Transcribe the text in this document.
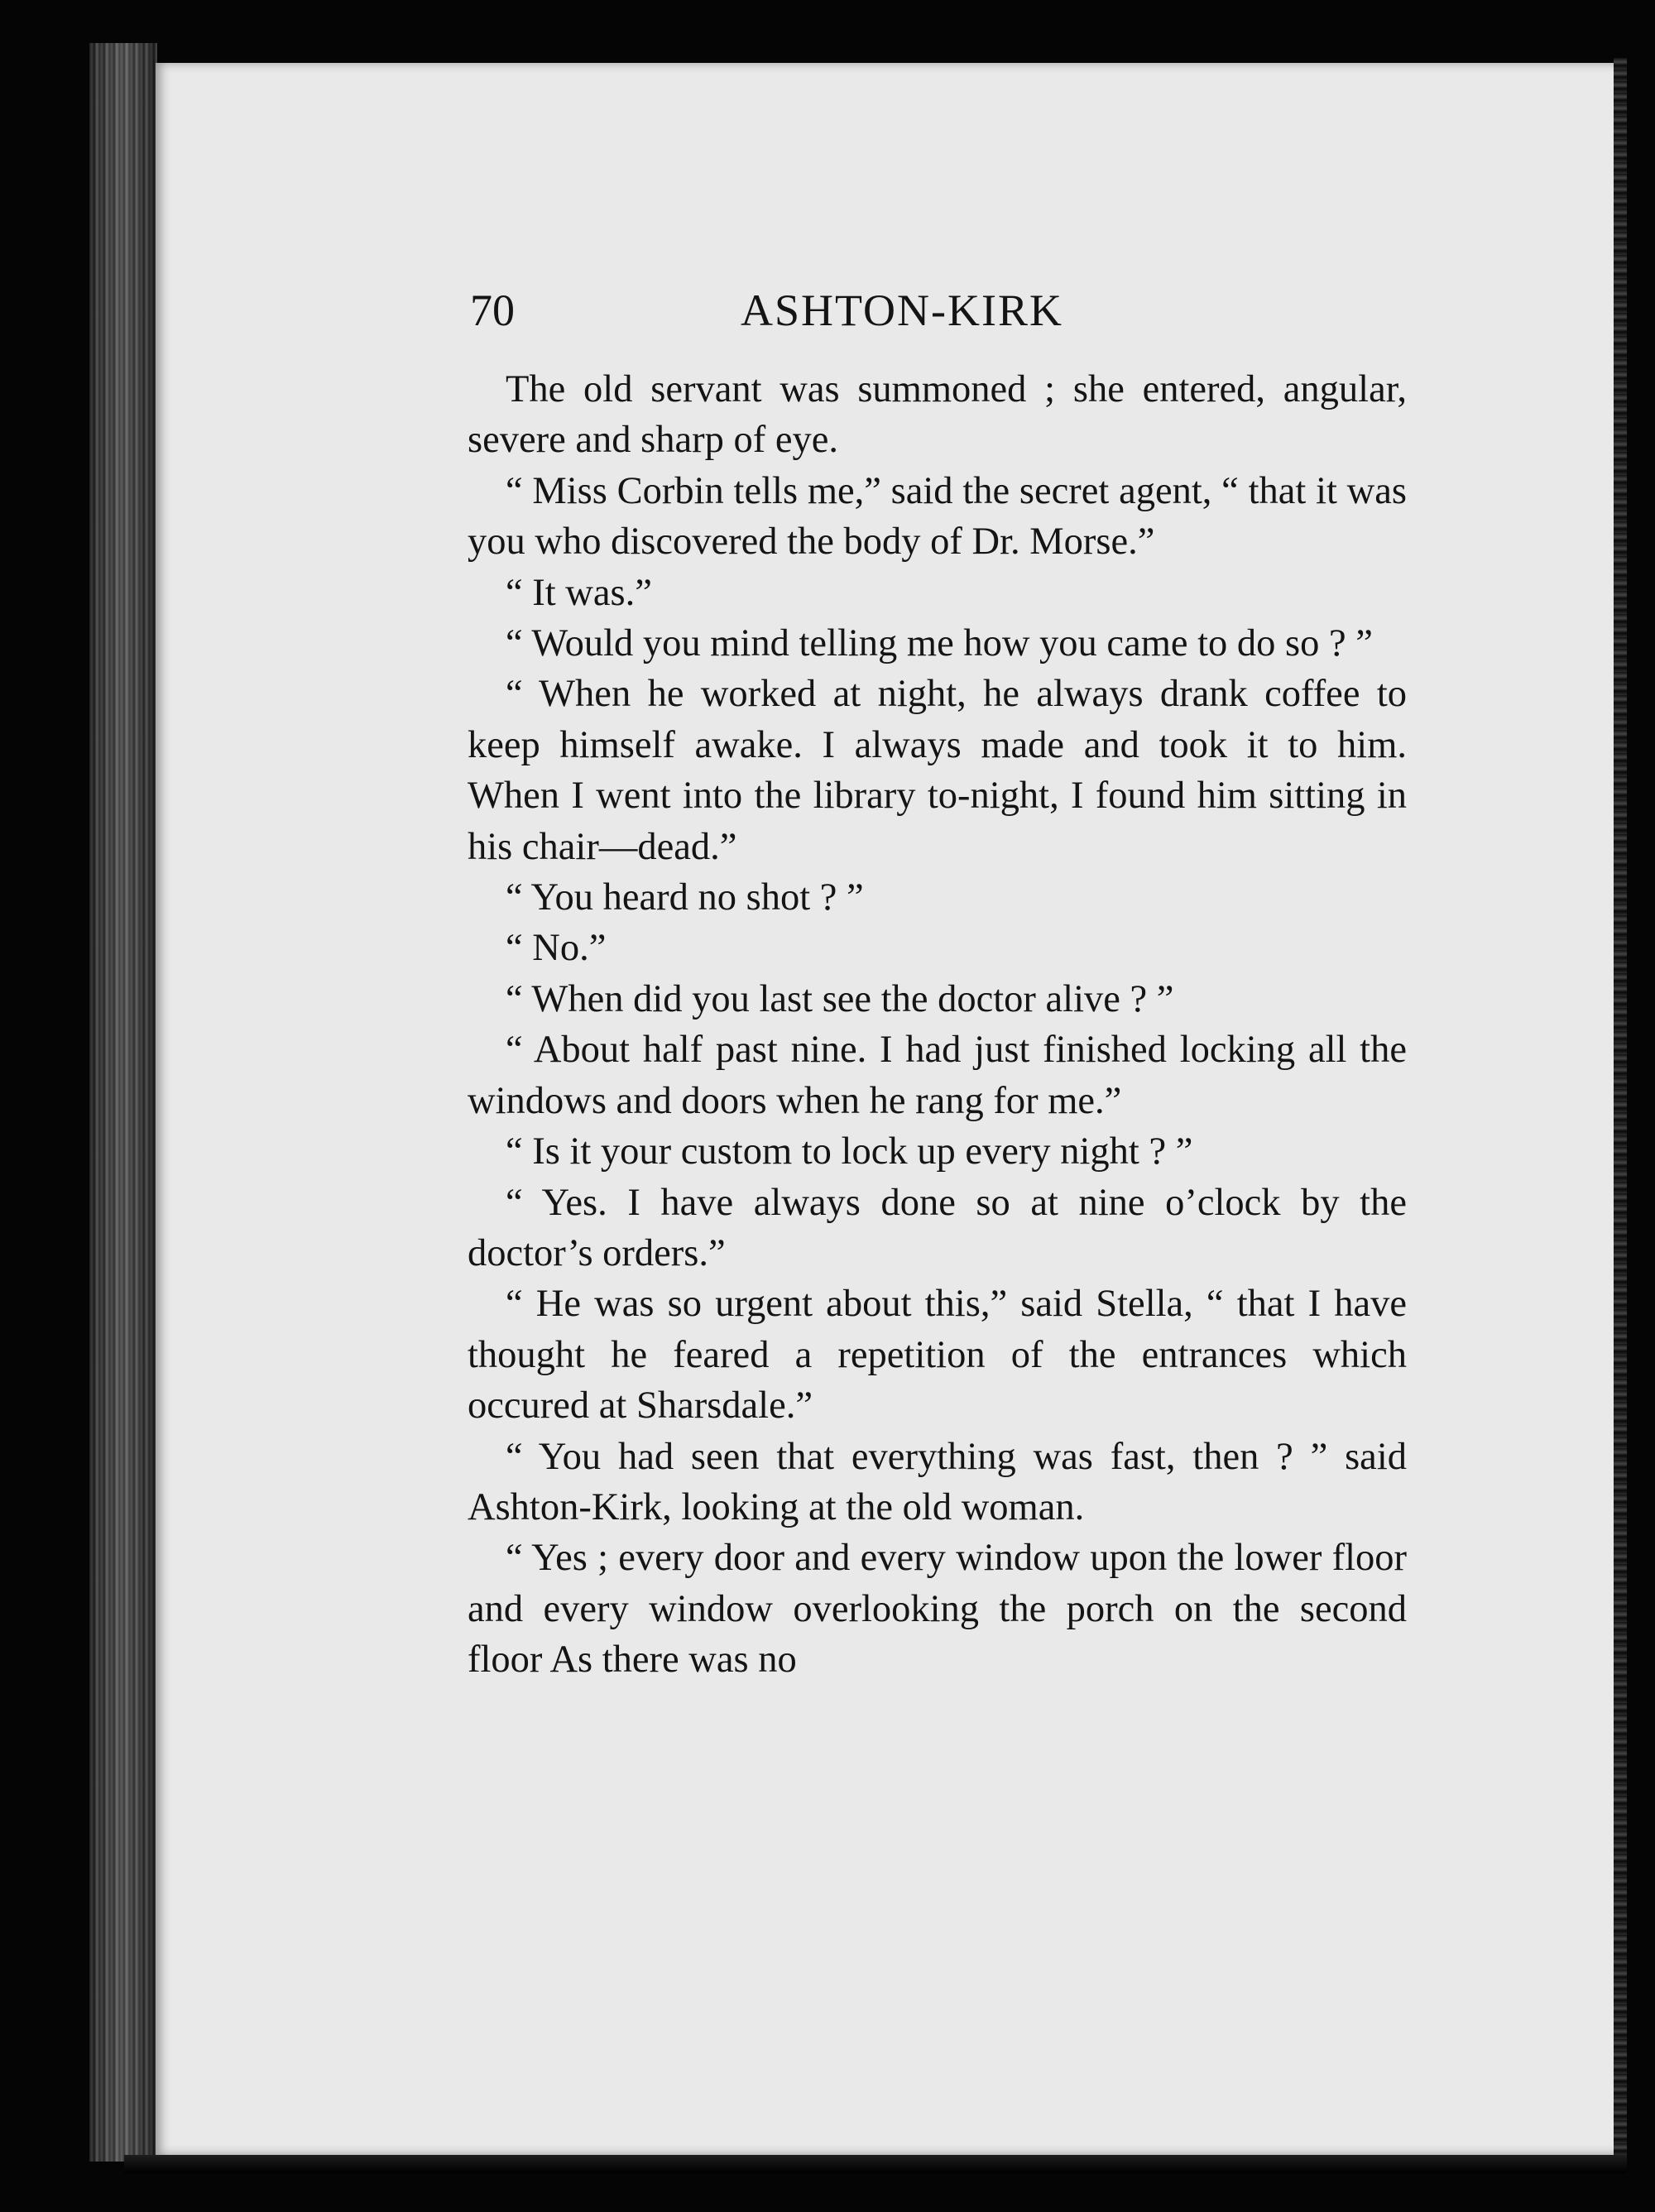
70	ASHTON-KIRK

The old servant was summoned ; she entered, angular, severe and sharp of eye.

“ Miss Corbin tells me,” said the secret agent, “ that it was you who discovered the body of Dr. Morse.”

“ It was.”

“ Would you mind telling me how you came to do so ? ”

“ When he worked at night, he always drank coffee to keep himself awake. I always made and took it to him. When I went into the library to-night, I found him sitting in his chair—dead.”

“ You heard no shot ? ”

“ No.”

“ When did you last see the doctor alive ? ”

“ About half past nine. I had just finished locking all the windows and doors when he rang for me.”

“ Is it your custom to lock up every night ? ”

“ Yes. I have always done so at nine o’clock by the doctor’s orders.”

“ He was so urgent about this,” said Stella, “ that I have thought he feared a repetition of the entrances which occured at Sharsdale.”

“ You had seen that everything was fast, then ? ” said Ashton-Kirk, looking at the old woman.

“ Yes ; every door and every window upon the lower floor and every window overlooking the porch on the second floor As there was no
